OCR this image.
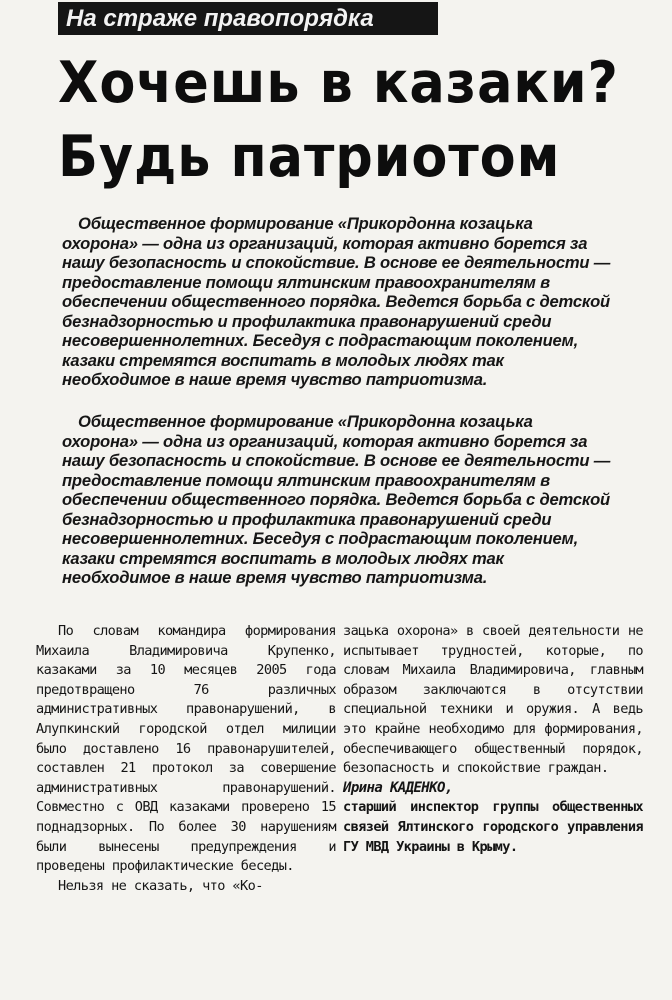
На страже правопорядка
Хочешь в казаки?
Будь патриотом

Общественное формирование «Прикордонна козацька охорона» — одна из организаций, которая активно борется за нашу безопасность и спокойствие. В основе ее деятельности — предоставление помощи ялтинским правоохранителям в обеспечении общественного порядка. Ведется борьба с детской безнадзорностью и профилактика правонарушений среди несовершеннолетних. Беседуя с подрастающим поколением, казаки стремятся воспитать в молодых людях так необходимое в наше время чувство патриотизма.

Общественное формирование «Прикордонна козацька охорона» — одна из организаций, которая активно борется за нашу безопасность и спокойствие. В основе ее деятельности — предоставление помощи ялтинским правоохранителям в обеспечении общественного порядка. Ведется борьба с детской безнадзорностью и профилактика правонарушений среди несовершеннолетних. Беседуя с подрастающим поколением, казаки стремятся воспитать в молодых людях так необходимое в наше время чувство патриотизма.

По словам командира формирования Михаила Владимировича Крупенко, казаками за 10 месяцев 2005 года предотвращено 76 различных административных правонарушений, в Алупкинский городской отдел милиции было доставлено 16 правонарушителей, составлен 21 протокол за совершение административных правонарушений. Совместно с ОВД казаками проверено 15 поднадзорных. По более 30 нарушениям были вынесены предупреждения и проведены профилактические беседы.

Нельзя не сказать, что «Ко-

зацька охорона» в своей деятельности не испытывает трудностей, которые, по словам Михаила Владимировича, главным образом заключаются в отсутствии специальной техники и оружия. А ведь это крайне необходимо для формирования, обеспечивающего общественный порядок, безопасность и спокойствие граждан.

Ирина КАДЕНКО,

старший инспектор группы общественных связей Ялтинского городского управления ГУ МВД Украины в Крыму.
